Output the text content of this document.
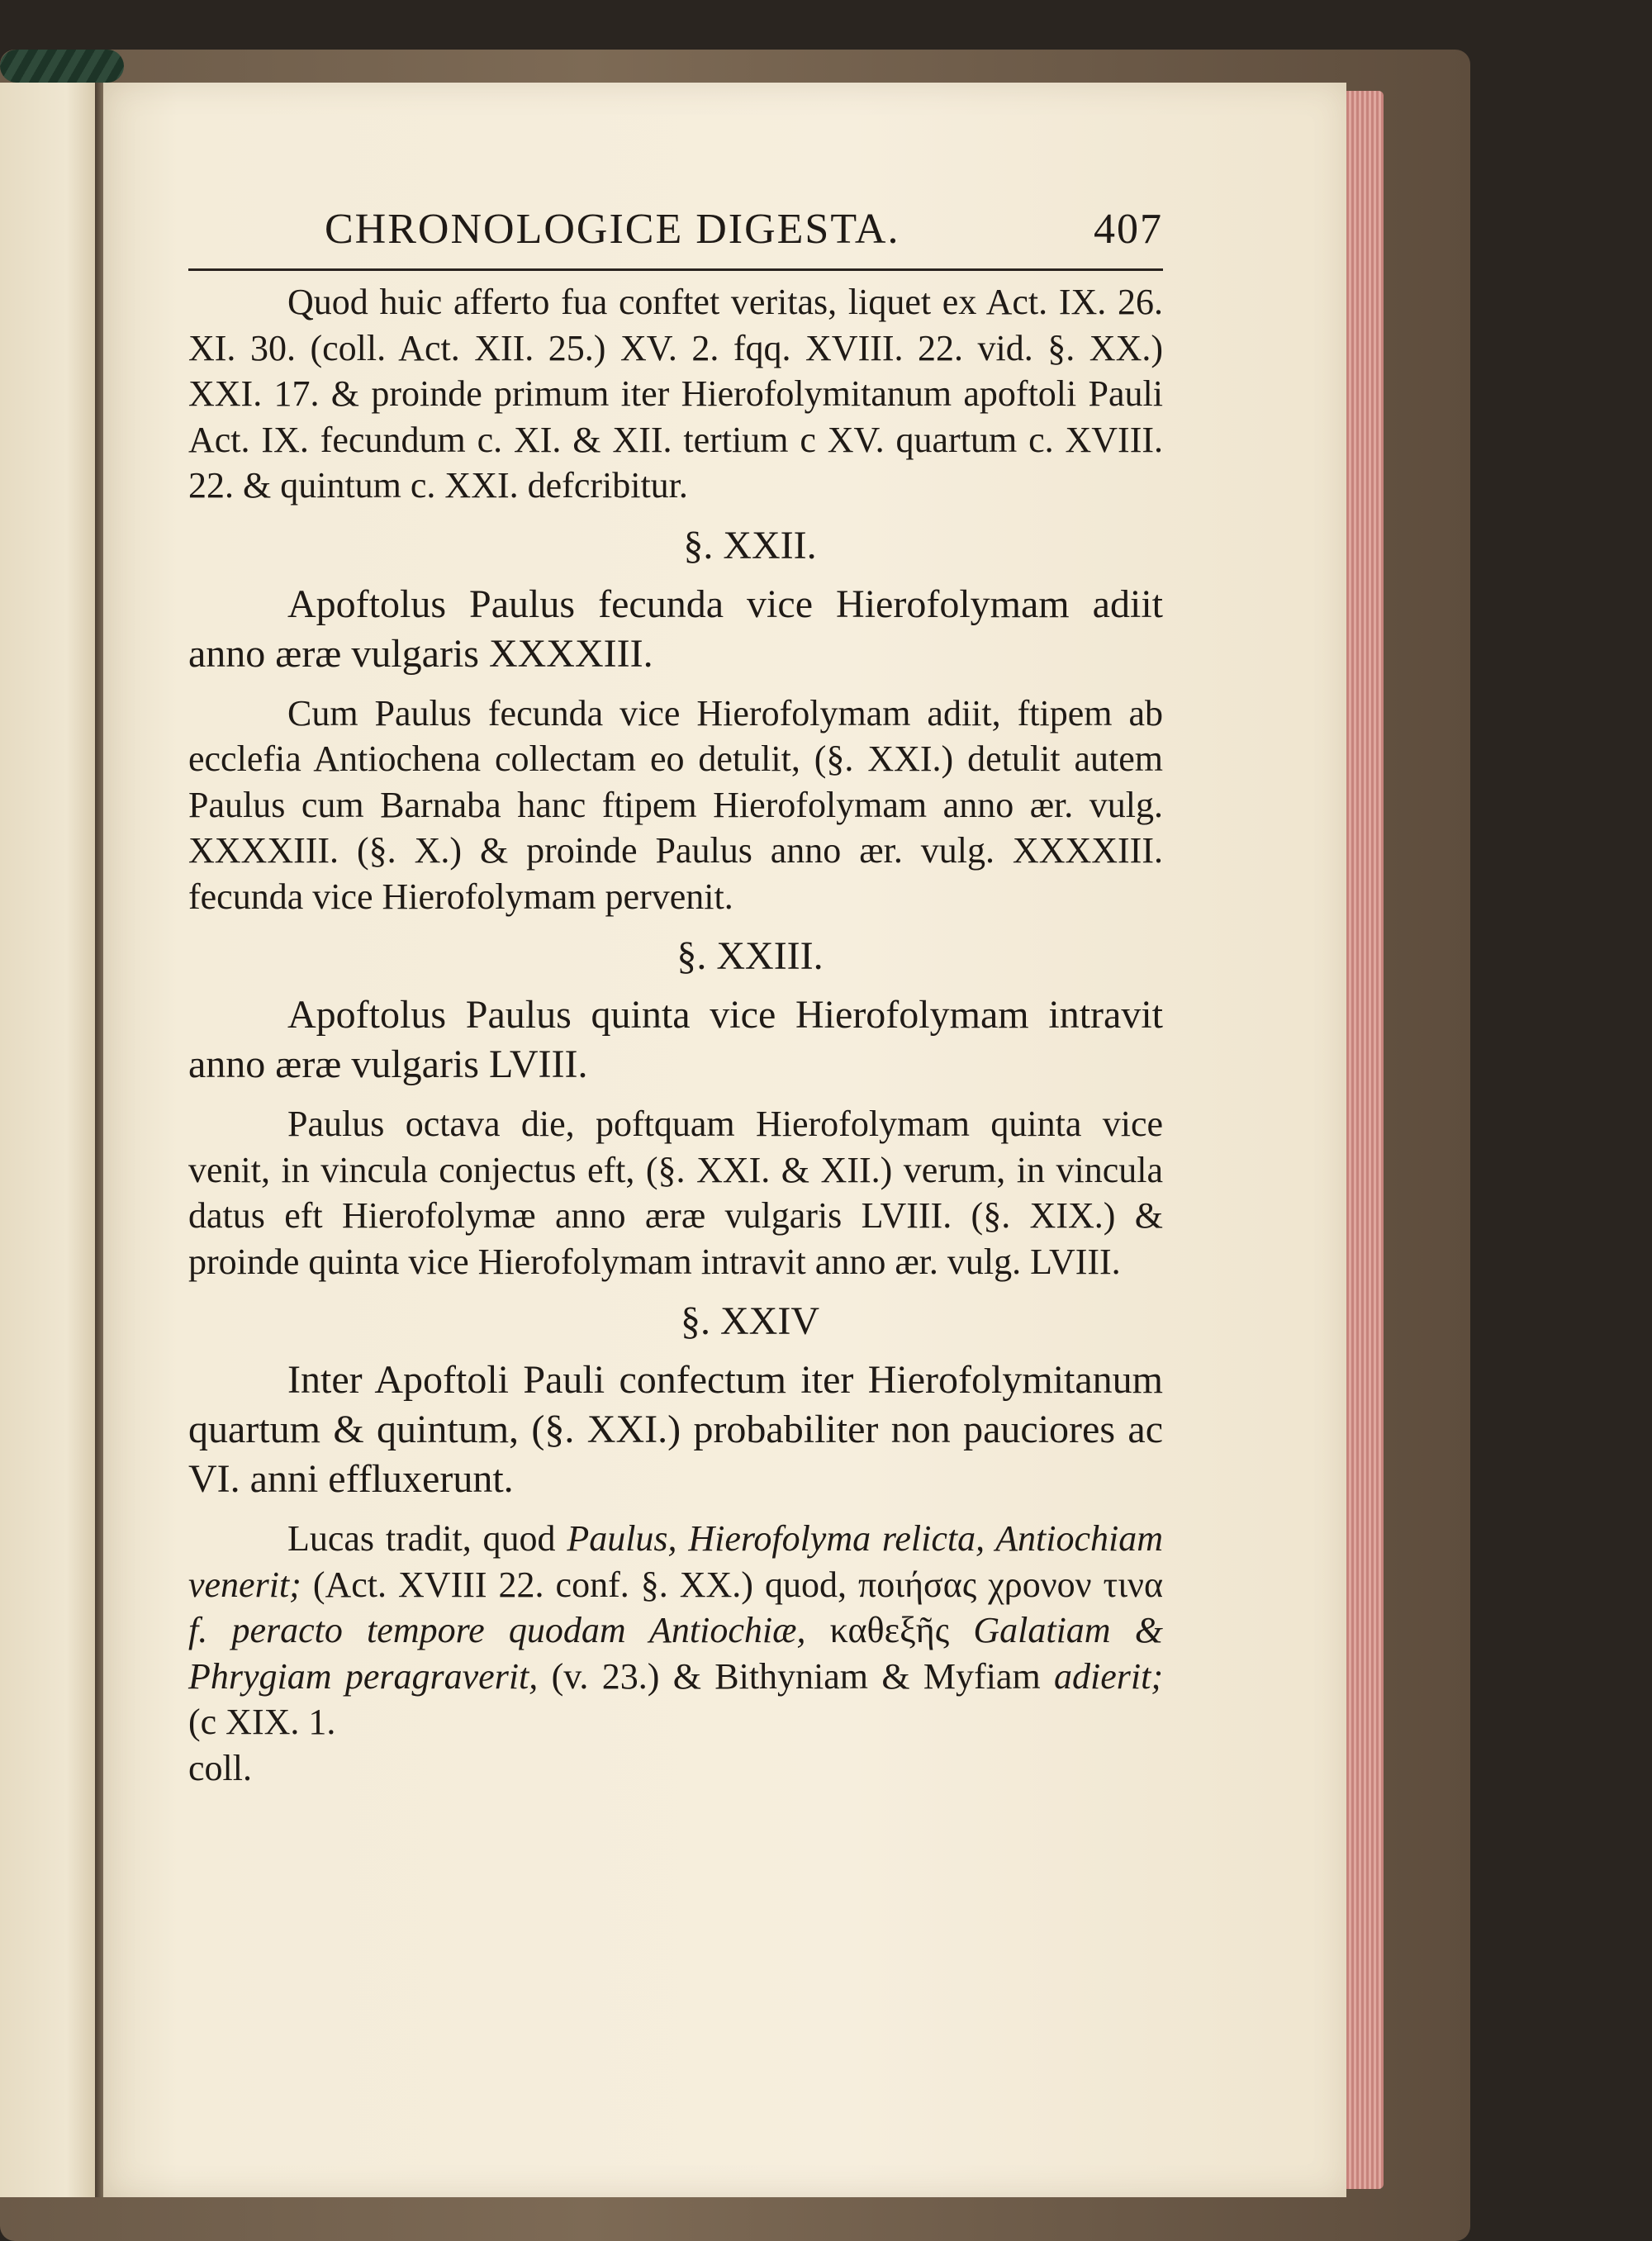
CHRONOLOGICE DIGESTA.	407

Quod huic afferto fua conftet veritas, liquet ex Act. IX. 26. XI. 30. (coll. Act. XII. 25.) XV. 2. fqq. XVIII. 22. vid. §. XX.) XXI. 17. & proinde primum iter Hierofolymitanum apoftoli Pauli Act. IX. fecundum c. XI. & XII. tertium c XV. quartum c. XVIII. 22. & quintum c. XXI. defcribitur.

§. XXII.

Apoftolus Paulus fecunda vice Hierofolymam adiit anno æræ vulgaris XXXXIII.

Cum Paulus fecunda vice Hierofolymam adiit, ftipem ab ecclefia Antiochena collectam eo detulit, (§. XXI.) detulit autem Paulus cum Barnaba hanc ftipem Hierofolymam anno ær. vulg. XXXXIII. (§. X.) & proinde Paulus anno ær. vulg. XXXXIII. fecunda vice Hierofolymam pervenit.

§. XXIII.

Apoftolus Paulus quinta vice Hierofolymam intravit anno æræ vulgaris LVIII.

Paulus octava die, poftquam Hierofolymam quinta vice venit, in vincula conjectus eft, (§. XXI. & XII.) verum, in vincula datus eft Hierofolymæ anno æræ vulgaris LVIII. (§. XIX.) & proinde quinta vice Hierofolymam intravit anno ær. vulg. LVIII.

§. XXIV

Inter Apoftoli Pauli confectum iter Hierofolymitanum quartum & quintum, (§. XXI.) probabiliter non pauciores ac VI. anni effluxerunt.

Lucas tradit, quod Paulus, Hierofolyma relicta, Antiochiam venerit; (Act. XVIII 22. conf. §. XX.) quod, ποιήσας χρονον τινα f. peracto tempore quodam Antiochiæ, καθεξῆς Galatiam & Phrygiam peragraverit, (v. 23.) & Bithyniam & Myfiam adierit; (c XIX. 1.

coll.
